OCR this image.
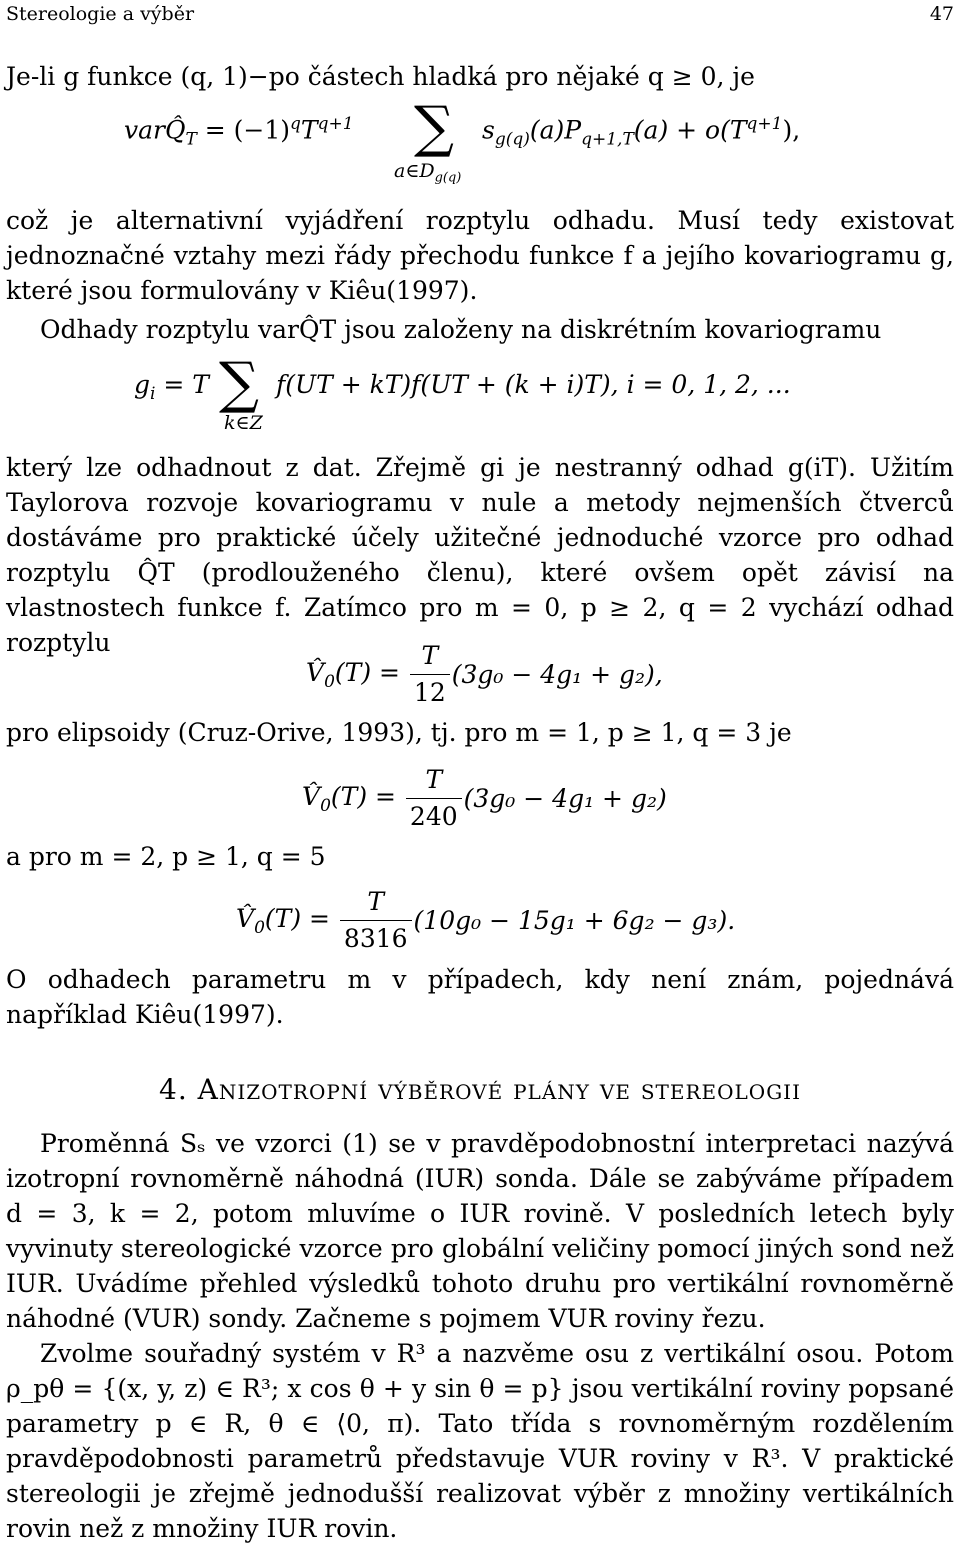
Stereologie a výběr	47
Je-li g funkce (q, 1)−po částech hladká pro nějaké q ≥ 0, je
$varQ̂_T = (-1)^qT^{q+1}$ ∑
$a\in D_{g(q)}$
$s_{g(q)}(a)P_{q+1,T}(a) + o(T^{q+1})$,

což je alternativní vyjádření rozptylu odhadu. Musí tedy existovat jednoznačné vztahy mezi řády přechodu funkce f a jejího kovariogramu g, které jsou formulovány v Kiêu(1997).

Odhady rozptylu varQ̂T jsou založeny na diskrétním kovariogramu

$g_i = T$ ∑
k∈Z
f(UT + kT)f(UT + (k + i)T), i = 0, 1, 2, ...

který lze odhadnout z dat. Zřejmě gi je nestranný odhad g(iT). Užitím Taylorova rozvoje kovariogramu v nule a metody nejmenších čtverců dostáváme pro praktické účely užitečné jednoduché vzorce pro odhad rozptylu Q̂T (prodlouženého členu), které ovšem opět závisí na vlastnostech funkce f. Zatímco pro m = 0, p ≥ 2, q = 2 vychází odhad rozptylu

$V̂_0(T) = \frac{T}{12} (3g_0 - 4g_1 + g_2)$,
pro elipsoidy (Cruz-Orive, 1993), tj. pro m = 1, p ≥ 1, q = 3 je
$V̂_0(T) = \frac{T}{240} (3g_0 - 4g_1 + g_2)$
a pro m = 2, p ≥ 1, q = 5
$V̂_0(T) = \frac{T}{8316} (10g_0 - 15g_1 + 6g_2 - g_3)$.

O odhadech parametru m v případech, kdy není znám, pojednává například Kiêu(1997).

4. Anizotropní výběrové plány ve stereologii

Proměnná Sₛ ve vzorci (1) se v pravděpodobnostní interpretaci nazývá izotropní rovnoměrně náhodná (IUR) sonda. Dále se zabýváme případem d = 3, k = 2, potom mluvíme o IUR rovině. V posledních letech byly vyvinuty stereologické vzorce pro globální veličiny pomocí jiných sond než IUR. Uvádíme přehled výsledků tohoto druhu pro vertikální rovnoměrně náhodné (VUR) sondy. Začneme s pojmem VUR roviny řezu.

Zvolme souřadný systém v R³ a nazvěme osu z vertikální osou. Potom ρ_pθ = {(x, y, z) ∈ R³; x cos θ + y sin θ = p} jsou vertikální roviny popsané parametry p ∈ R, θ ∈ ⟨0, π). Tato třída s rovnoměrným rozdělením pravděpodobnosti parametrů představuje VUR roviny v R³. V praktické stereologii je zřejmě jednodušší realizovat výběr z množiny vertikálních rovin než z množiny IUR rovin.
